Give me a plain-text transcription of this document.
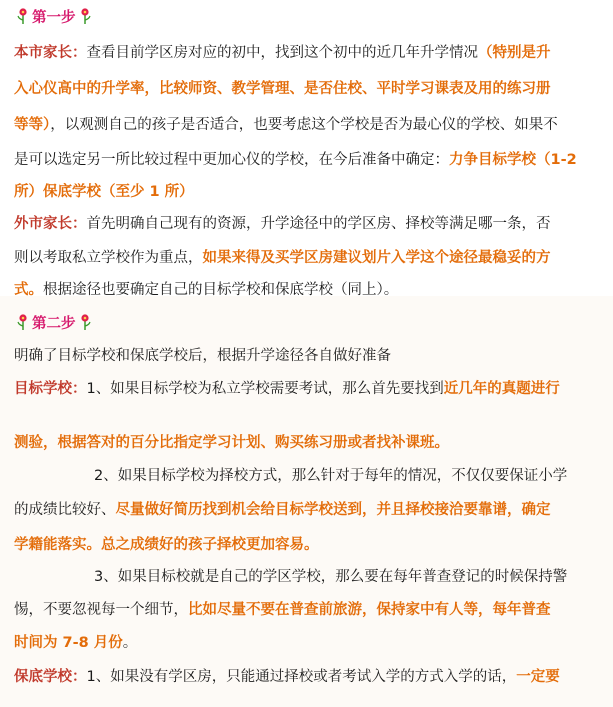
第一步
本市家长：查看目前学区房对应的初中，找到这个初中的近几年升学情况（特别是升
入心仪高中的升学率，比较师资、教学管理、是否住校、平时学习课表及用的练习册
等等），以观测自己的孩子是否适合，也要考虑这个学校是否为最心仪的学校、如果不
是可以选定另一所比较过程中更加心仪的学校，在今后准备中确定：力争目标学校（1-2
所）保底学校（至少 1 所）
外市家长：首先明确自己现有的资源，升学途径中的学区房、择校等满足哪一条，否
则以考取私立学校作为重点，如果来得及买学区房建议划片入学这个途径最稳妥的方
式。根据途径也要确定自己的目标学校和保底学校（同上）。
第二步
明确了目标学校和保底学校后，根据升学途径各自做好准备
目标学校：1、如果目标学校为私立学校需要考试，那么首先要找到近几年的真题进行
测验，根据答对的百分比指定学习计划、购买练习册或者找补课班。
2、如果目标学校为择校方式，那么针对于每年的情况，不仅仅要保证小学
的成绩比较好、尽量做好简历找到机会给目标学校送到，并且择校接洽要靠谱，确定
学籍能落实。总之成绩好的孩子择校更加容易。
3、如果目标校就是自己的学区学校，那么要在每年普查登记的时候保持警
惕，不要忽视每一个细节，比如尽量不要在普查前旅游，保持家中有人等，每年普查
时间为 7-8 月份。
保底学校：1、如果没有学区房，只能通过择校或者考试入学的方式入学的话，一定要
